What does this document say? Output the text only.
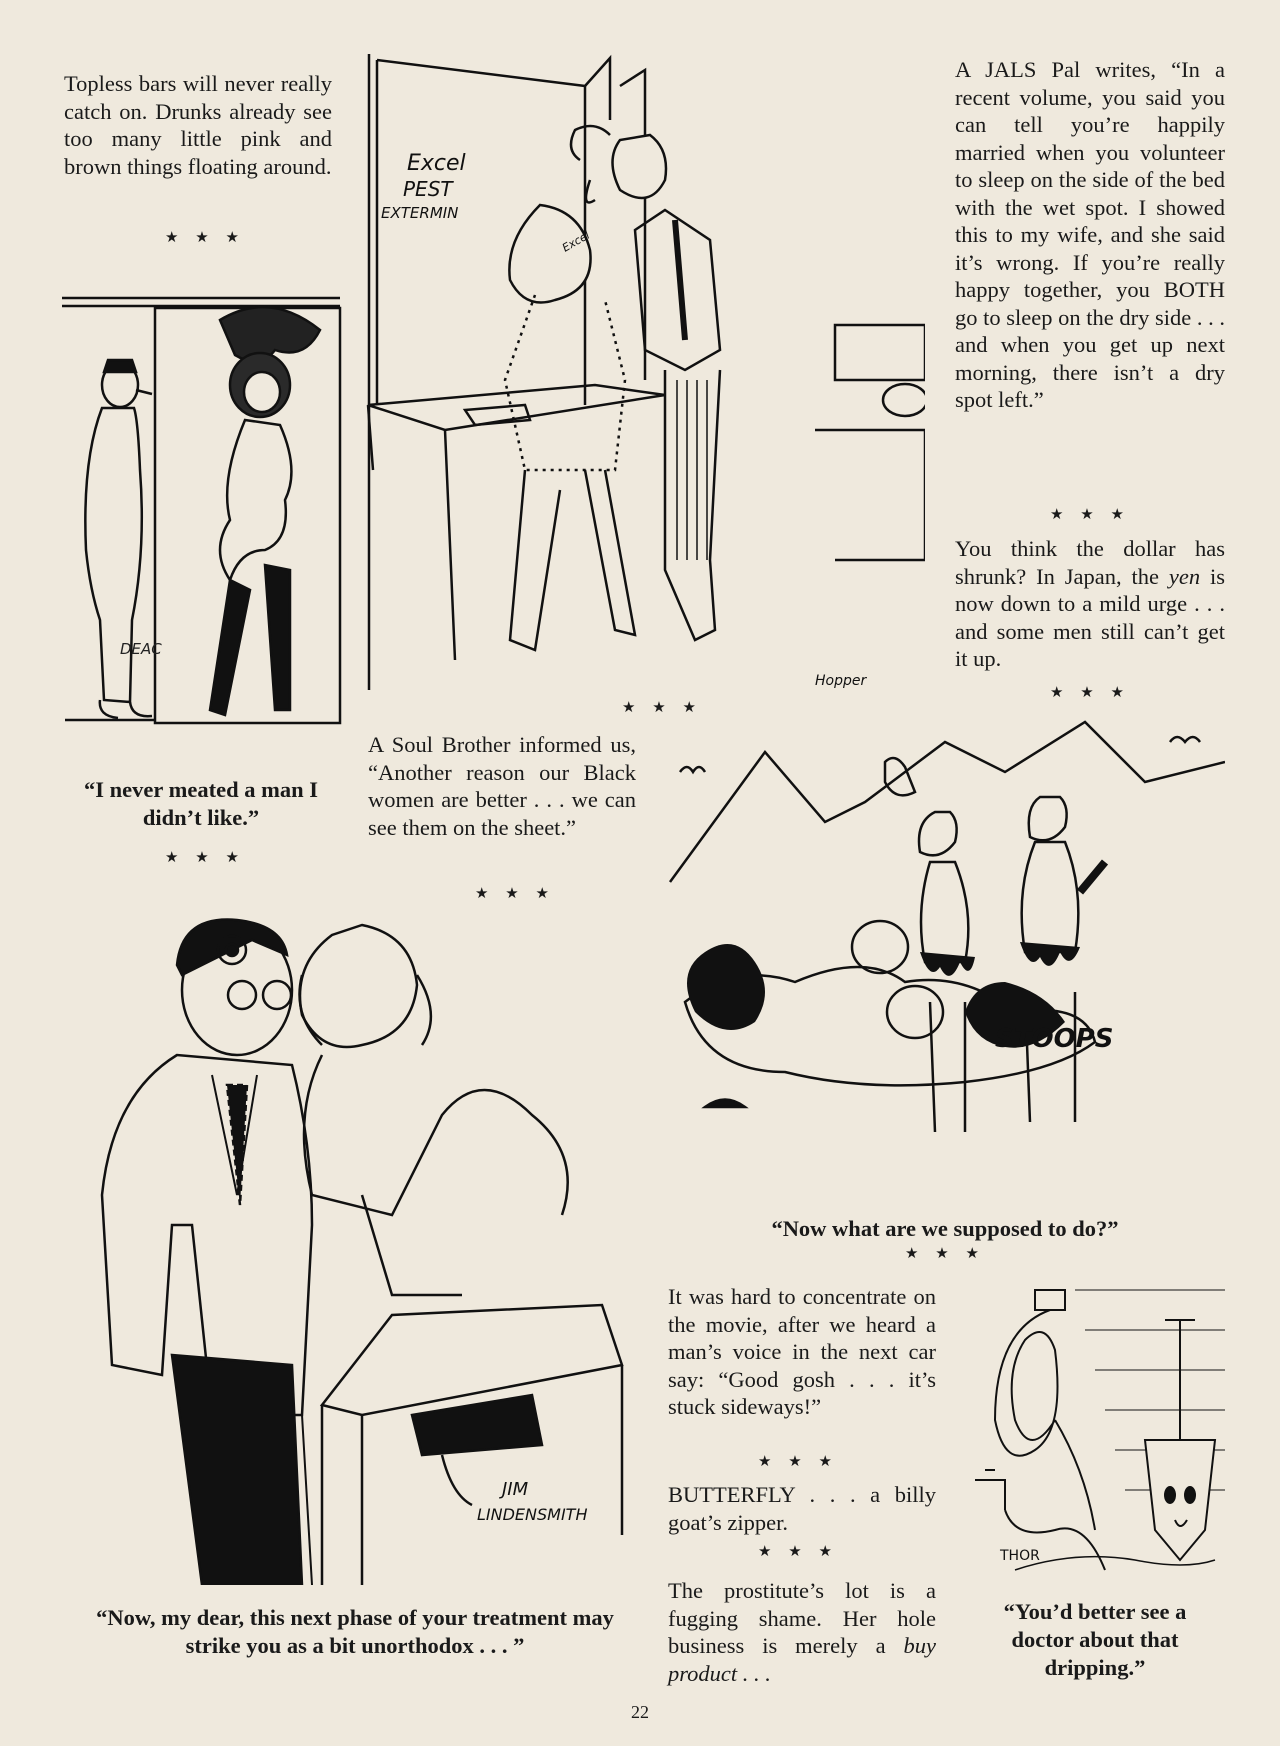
Topless bars will never really catch on. Drunks already see too many little pink and brown things floating around.

★ ★ ★
DEAC

“I never meated a man I didn’t like.”

★ ★ ★
Excel
PEST
EXTERMIN
Excel
Hopper

A JALS Pal writes, “In a recent volume, you said you can tell you’re happily married when you volunteer to sleep on the side of the bed with the wet spot. I showed this to my wife, and she said it’s wrong. If you’re really happy together, you BOTH go to sleep on the dry side . . . and when you get up next morning, there isn’t a dry spot left.”

★ ★ ★

You think the dollar has shrunk? In Japan, the yen is now down to a mild urge . . . and some men still can’t get it up.

★ ★ ★
★ ★ ★

A Soul Brother informed us, “Another reason our Black women are better . . . we can see them on the sheet.”

★ ★ ★
STOOPS

“Now what are we supposed to do?”

★ ★ ★
JIM
LINDENSMITH

“Now, my dear, this next phase of your treatment may strike you as a bit unorthodox . . . ”

It was hard to concentrate on the movie, after we heard a man’s voice in the next car say: “Good gosh . . . it’s stuck sideways!”

★ ★ ★

BUTTERFLY . . . a billy goat’s zipper.

★ ★ ★

The prostitute’s lot is a fugging shame. Her hole business is merely a buy product . . .

THOR

“You’d better see a doctor about that dripping.”

22
